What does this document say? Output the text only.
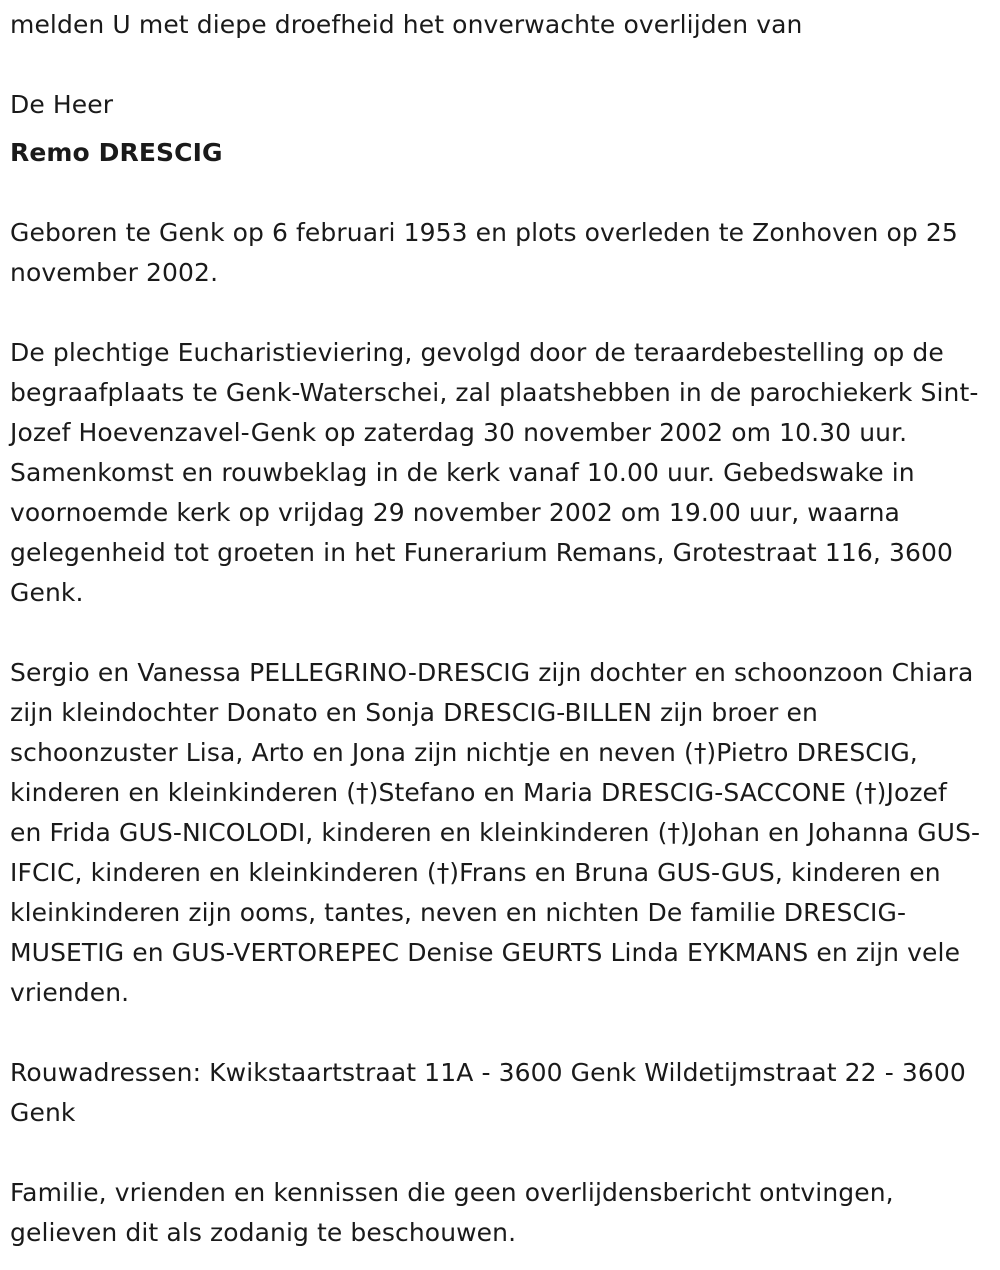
melden U met diepe droefheid het onverwachte overlijden van

De Heer

Remo DRESCIG

Geboren te Genk op 6 februari 1953 en plots overleden te Zonhoven op 25 november 2002.

De plechtige Eucharistieviering, gevolgd door de teraardebestelling op de begraafplaats te Genk-Waterschei, zal plaatshebben in de parochiekerk Sint-Jozef Hoevenzavel-Genk op zaterdag 30 november 2002 om 10.30 uur. Samenkomst en rouwbeklag in de kerk vanaf 10.00 uur. Gebedswake in voornoemde kerk op vrijdag 29 november 2002 om 19.00 uur, waarna gelegenheid tot groeten in het Funerarium Remans, Grotestraat 116, 3600 Genk.

Sergio en Vanessa PELLEGRINO-DRESCIG zijn dochter en schoonzoon Chiara zijn kleindochter Donato en Sonja DRESCIG-BILLEN zijn broer en schoonzuster Lisa, Arto en Jona zijn nichtje en neven (†)Pietro DRESCIG, kinderen en kleinkinderen (†)Stefano en Maria DRESCIG-SACCONE (†)Jozef en Frida GUS-NICOLODI, kinderen en kleinkinderen (†)Johan en Johanna GUS-IFCIC, kinderen en kleinkinderen (†)Frans en Bruna GUS-GUS, kinderen en kleinkinderen zijn ooms, tantes, neven en nichten De familie DRESCIG-MUSETIG en GUS-VERTOREPEC Denise GEURTS Linda EYKMANS en zijn vele vrienden.

Rouwadressen: Kwikstaartstraat 11A - 3600 Genk Wildetijmstraat 22 - 3600 Genk

Familie, vrienden en kennissen die geen overlijdensbericht ontvingen, gelieven dit als zodanig te beschouwen.
